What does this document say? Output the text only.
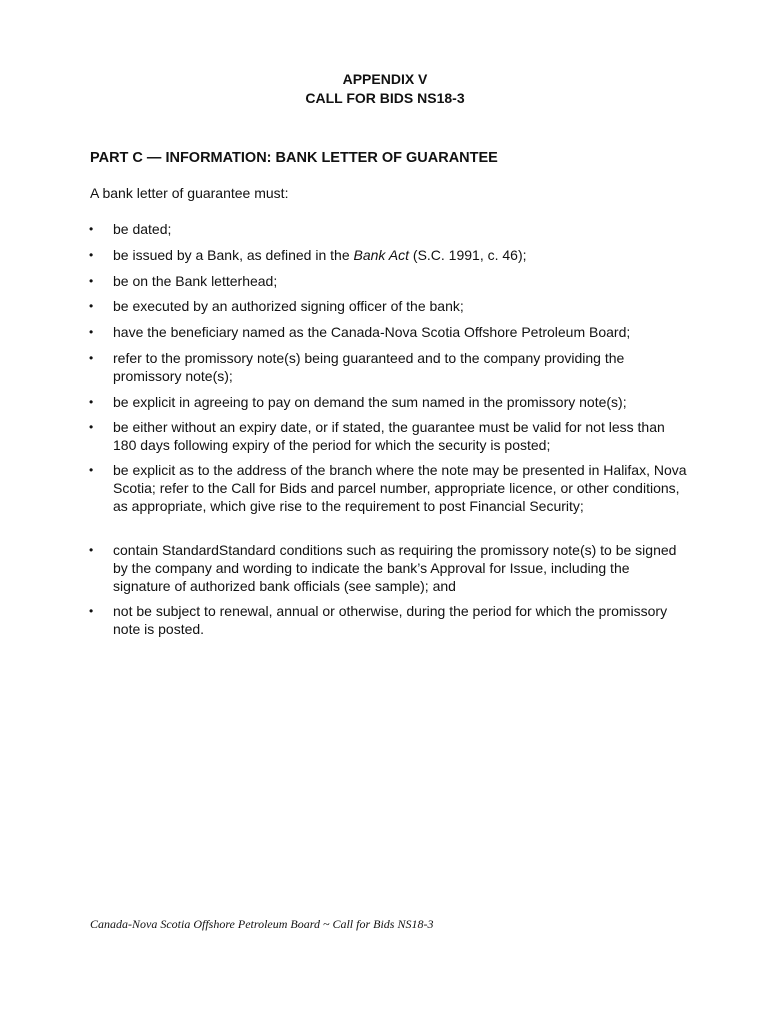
APPENDIX V
CALL FOR BIDS NS18-3
PART C — INFORMATION: BANK LETTER OF GUARANTEE
A bank letter of guarantee must:
•	be dated;
•	be issued by a Bank, as defined in the Bank Act (S.C. 1991, c. 46);
•	be on the Bank letterhead;
•	be executed by an authorized signing officer of the bank;
•	have the beneficiary named as the Canada-Nova Scotia Offshore Petroleum Board;
•	refer to the promissory note(s) being guaranteed and to the company providing the promissory note(s);
•	be explicit in agreeing to pay on demand the sum named in the promissory note(s);
•	be either without an expiry date, or if stated, the guarantee must be valid for not less than 180 days following expiry of the period for which the security is posted;
•	be explicit as to the address of the branch where the note may be presented in Halifax, Nova Scotia; refer to the Call for Bids and parcel number, appropriate licence, or other conditions, as appropriate, which give rise to the requirement to post Financial Security;
•	contain StandardStandard conditions such as requiring the promissory note(s) to be signed by the company and wording to indicate the bank’s Approval for Issue, including the signature of authorized bank officials (see sample); and
•	not be subject to renewal, annual or otherwise, during the period for which the promissory note is posted.
Canada-Nova Scotia Offshore Petroleum Board ~ Call for Bids NS18-3
